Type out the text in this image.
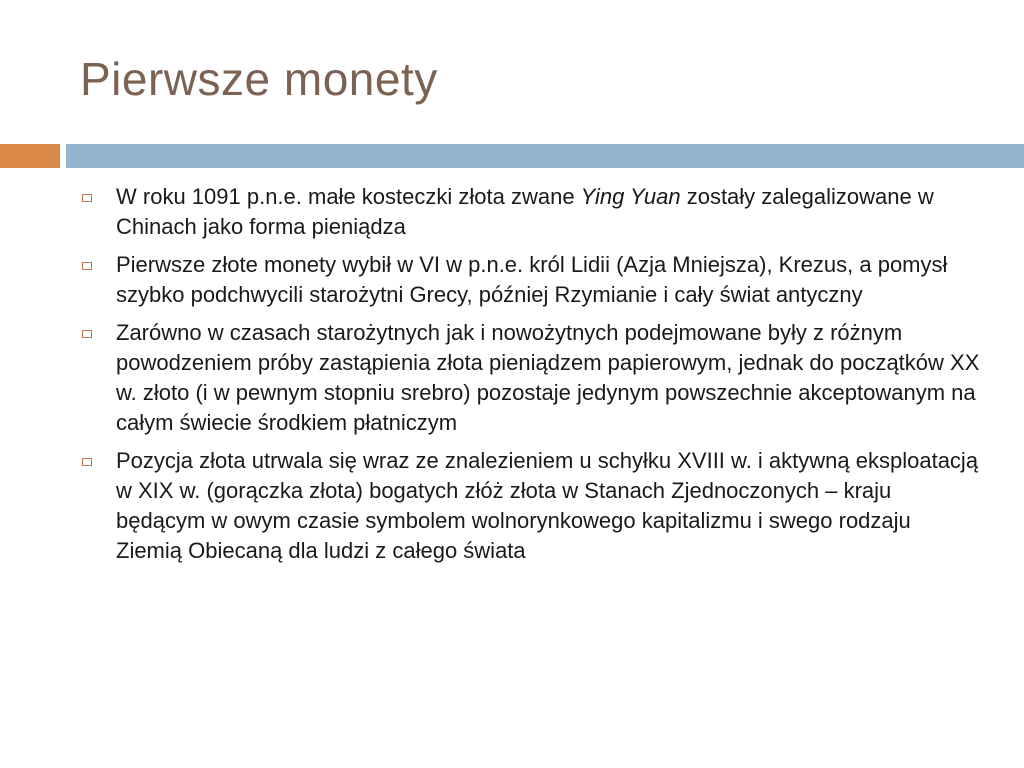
Pierwsze monety
W roku 1091 p.n.e. małe kosteczki złota zwane Ying Yuan zostały zalegalizowane w Chinach jako forma pieniądza
Pierwsze złote monety wybił w VI w p.n.e. król Lidii (Azja Mniejsza), Krezus, a pomysł szybko podchwycili starożytni Grecy, później Rzymianie i cały świat antyczny
Zarówno w czasach starożytnych jak i nowożytnych podejmowane były z różnym powodzeniem próby zastąpienia złota pieniądzem papierowym, jednak do początków XX w. złoto (i w pewnym stopniu srebro) pozostaje jedynym powszechnie akceptowanym na całym świecie środkiem płatniczym
Pozycja złota utrwala się wraz ze znalezieniem u schyłku XVIII w. i aktywną eksploatacją w XIX w. (gorączka złota) bogatych złóż złota w Stanach Zjednoczonych – kraju będącym w owym czasie symbolem wolnorynkowego kapitalizmu i swego rodzaju Ziemią Obiecaną dla ludzi z całego świata
